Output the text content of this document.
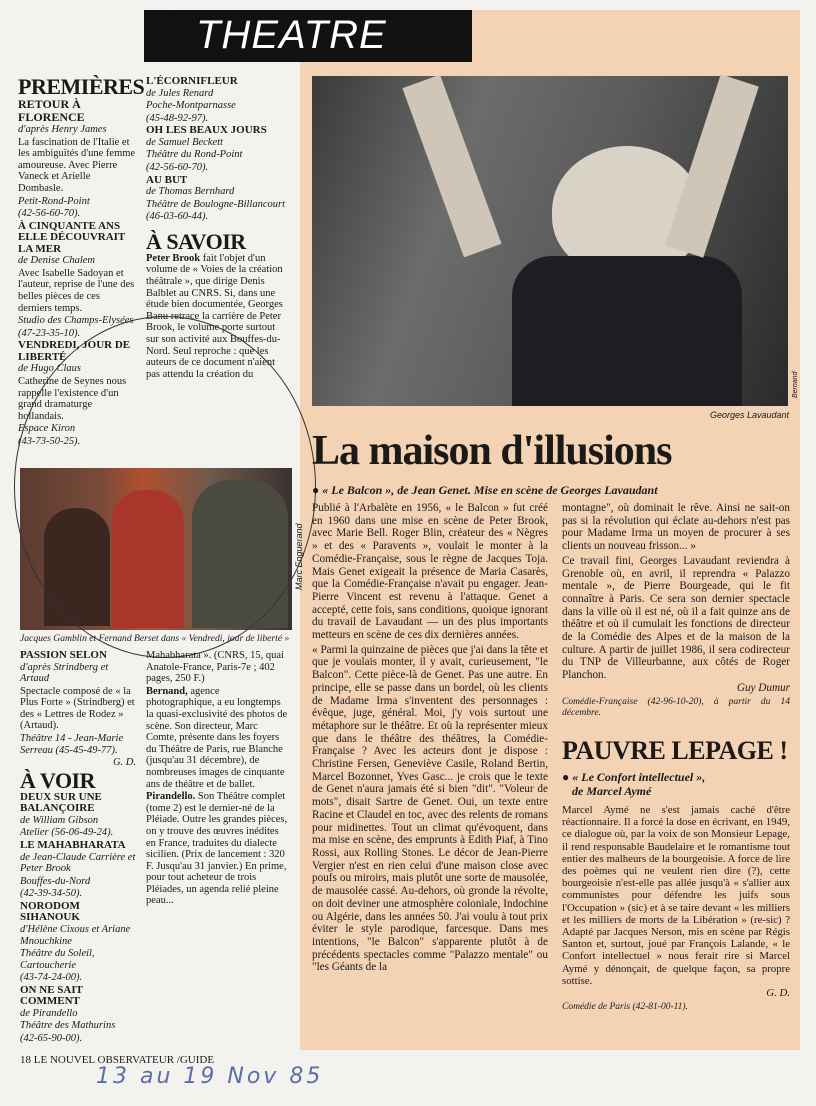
THEATRE
PREMIÈRES
RETOUR À FLORENCE

d'après Henry James

La fascination de l'Italie et les ambiguïtés d'une femme amoureuse. Avec Pierre Vaneck et Arielle Dombasle.

Petit-Rond-Point

(42-56-60-70).

À CINQUANTE ANS ELLE DÉCOUVRAIT LA MER

de Denise Chalem

Avec Isabelle Sadoyan et l'auteur, reprise de l'une des belles pièces de ces derniers temps.

Studio des Champs-Elysées

(47-23-35-10).

VENDREDI, JOUR DE LIBERTÉ

de Hugo Claus

Catherine de Seynes nous rappelle l'existence d'un grand dramaturge hollandais.

Espace Kiron

(43-73-50-25).

L'ÉCORNIFLEUR

de Jules Renard

Poche-Montparnasse

(45-48-92-97).

OH LES BEAUX JOURS

de Samuel Beckett

Théâtre du Rond-Point

(42-56-60-70).

AU BUT

de Thomas Bernhard

Théâtre de Boulogne-Billancourt

(46-03-60-44).

À SAVOIR

Peter Brook fait l'objet d'un volume de « Voies de la création théâtrale », que dirige Denis Balblet au CNRS. Si, dans une étude bien documentée, Georges Banu retrace la carrière de Peter Brook, le volume porte surtout sur son activité aux Bouffes-du-Nord. Seul reproche : que les auteurs de ce document n'aient pas attendu la création du

Marc Enguerand
Jacques Gamblin et Fernand Berset dans « Vendredi, jour de liberté »
PASSION SELON

d'après Strindberg et Artaud

Spectacle composé de « la Plus Forte » (Strindberg) et des « Lettres de Rodez » (Artaud).

Théâtre 14 - Jean-Marie Serreau (45-45-49-77).

G. D.

À VOIR
DEUX SUR UNE BALANÇOIRE

de William Gibson

Atelier (56-06-49-24).

LE MAHABHARATA

de Jean-Claude Carrière et Peter Brook

Bouffes-du-Nord

(42-39-34-50).

NORODOM SIHANOUK

d'Hélène Cixous et Ariane Mnouchkine

Théâtre du Soleil, Cartoucherie

(43-74-24-00).

ON NE SAIT COMMENT

de Pirandello

Théâtre des Mathurins

(42-65-90-00).

Mahabharata ». (CNRS, 15, quai Anatole-France, Paris-7e ; 402 pages, 250 F.)

Bernand, agence photographique, a eu longtemps la quasi-exclusivité des photos de scène. Son directeur, Marc Comte, présente dans les foyers du Théâtre de Paris, rue Blanche (jusqu'au 31 décembre), de nombreuses images de cinquante ans de théâtre et de ballet.

Pirandello. Son Théâtre complet (tome 2) est le dernier-né de la Pléiade. Outre les grandes pièces, on y trouve des œuvres inédites en France, traduites du dialecte sicilien. (Prix de lancement : 320 F. Jusqu'au 31 janvier.) En prime, pour tout acheteur de trois Pléiades, un agenda relié pleine peau...

Bernand
Georges Lavaudant
La maison d'illusions
● « Le Balcon », de Jean Genet. Mise en scène de Georges Lavaudant

Publié à l'Arbalète en 1956, « le Balcon » fut créé en 1960 dans une mise en scène de Peter Brook, avec Marie Bell. Roger Blin, créateur des « Nègres » et des « Paravents », voulait le monter à la Comédie-Française, sous le règne de Jacques Toja. Mais Genet exigeait la présence de Maria Casarès, que la Comédie-Française n'avait pu engager. Jean-Pierre Vincent est revenu à l'attaque. Genet a accepté, cette fois, sans conditions, quoique ignorant du travail de Lavaudant — un des plus importants metteurs en scène de ces dix dernières années.

« Parmi la quinzaine de pièces que j'ai dans la tête et que je voulais monter, il y avait, curieusement, "le Balcon". Cette pièce-là de Genet. Pas une autre. En principe, elle se passe dans un bordel, où les clients de Madame Irma s'inventent des personnages : évêque, juge, général. Moi, j'y vois surtout une métaphore sur le théâtre. Et où la représenter mieux que dans le théâtre des théâtres, la Comédie-Française ? Avec les acteurs dont je dispose : Christine Fersen, Geneviève Casile, Roland Bertin, Marcel Bozonnet, Yves Gasc... je crois que le texte de Genet n'aura jamais été si bien "dit". "Voleur de mots", disait Sartre de Genet. Oui, un texte entre Racine et Claudel en toc, avec des relents de romans pour midinettes. Tout un climat qu'évoquent, dans ma mise en scène, des emprunts à Edith Piaf, à Tino Rossi, aux Rolling Stones. Le décor de Jean-Pierre Vergier n'est en rien celui d'une maison close avec poufs ou miroirs, mais plutôt une sorte de mausolée, de mausolée cassé. Au-dehors, où gronde la révolte, on doit deviner une atmosphère coloniale, Indochine ou Algérie, dans les années 50. J'ai voulu à tout prix éviter le style parodique, farcesque. Dans mes intentions, "le Balcon" s'apparente plutôt à de précédents spectacles comme "Palazzo mentale" ou "les Géants de la

montagne", où dominait le rêve. Ainsi ne sait-on pas si la révolution qui éclate au-dehors n'est pas pour Madame Irma un moyen de procurer à ses clients un nouveau frisson... »

Ce travail fini, Georges Lavaudant reviendra à Grenoble où, en avril, il reprendra « Palazzo mentale », de Pierre Bourgeade, qui le fit connaître à Paris. Ce sera son dernier spectacle dans la ville où il est né, où il a fait quinze ans de théâtre et où il cumulait les fonctions de directeur de la Comédie des Alpes et de la maison de la culture. A partir de juillet 1986, il sera codirecteur du TNP de Villeurbanne, aux côtés de Roger Planchon.

Guy Dumur

Comédie-Française (42-96-10-20), à partir du 14 décembre.

PAUVRE LEPAGE !
● « Le Confort intellectuel »,
de Marcel Aymé

Marcel Aymé ne s'est jamais caché d'être réactionnaire. Il a forcé la dose en écrivant, en 1949, ce dialogue où, par la voix de son Monsieur Lepage, il rend responsable Baudelaire et le romantisme tout entier des malheurs de la bourgeoisie. A force de lire des poèmes qui ne veulent rien dire (?), cette bourgeoisie n'est-elle pas allée jusqu'à « s'allier aux communistes pour défendre les juifs sous l'Occupation » (sic) et à se taire devant « les milliers et les milliers de morts de la Libération » (re-sic) ? Adapté par Jacques Nerson, mis en scène par Régis Santon et, surtout, joué par François Lalande, « le Confort intellectuel » nous ferait rire si Marcel Aymé y dénonçait, de quelque façon, sa propre sottise.

G. D.

Comédie de Paris (42-81-00-11).

18 LE NOUVEL OBSERVATEUR /GUIDE
13 au 19 Nov 85
